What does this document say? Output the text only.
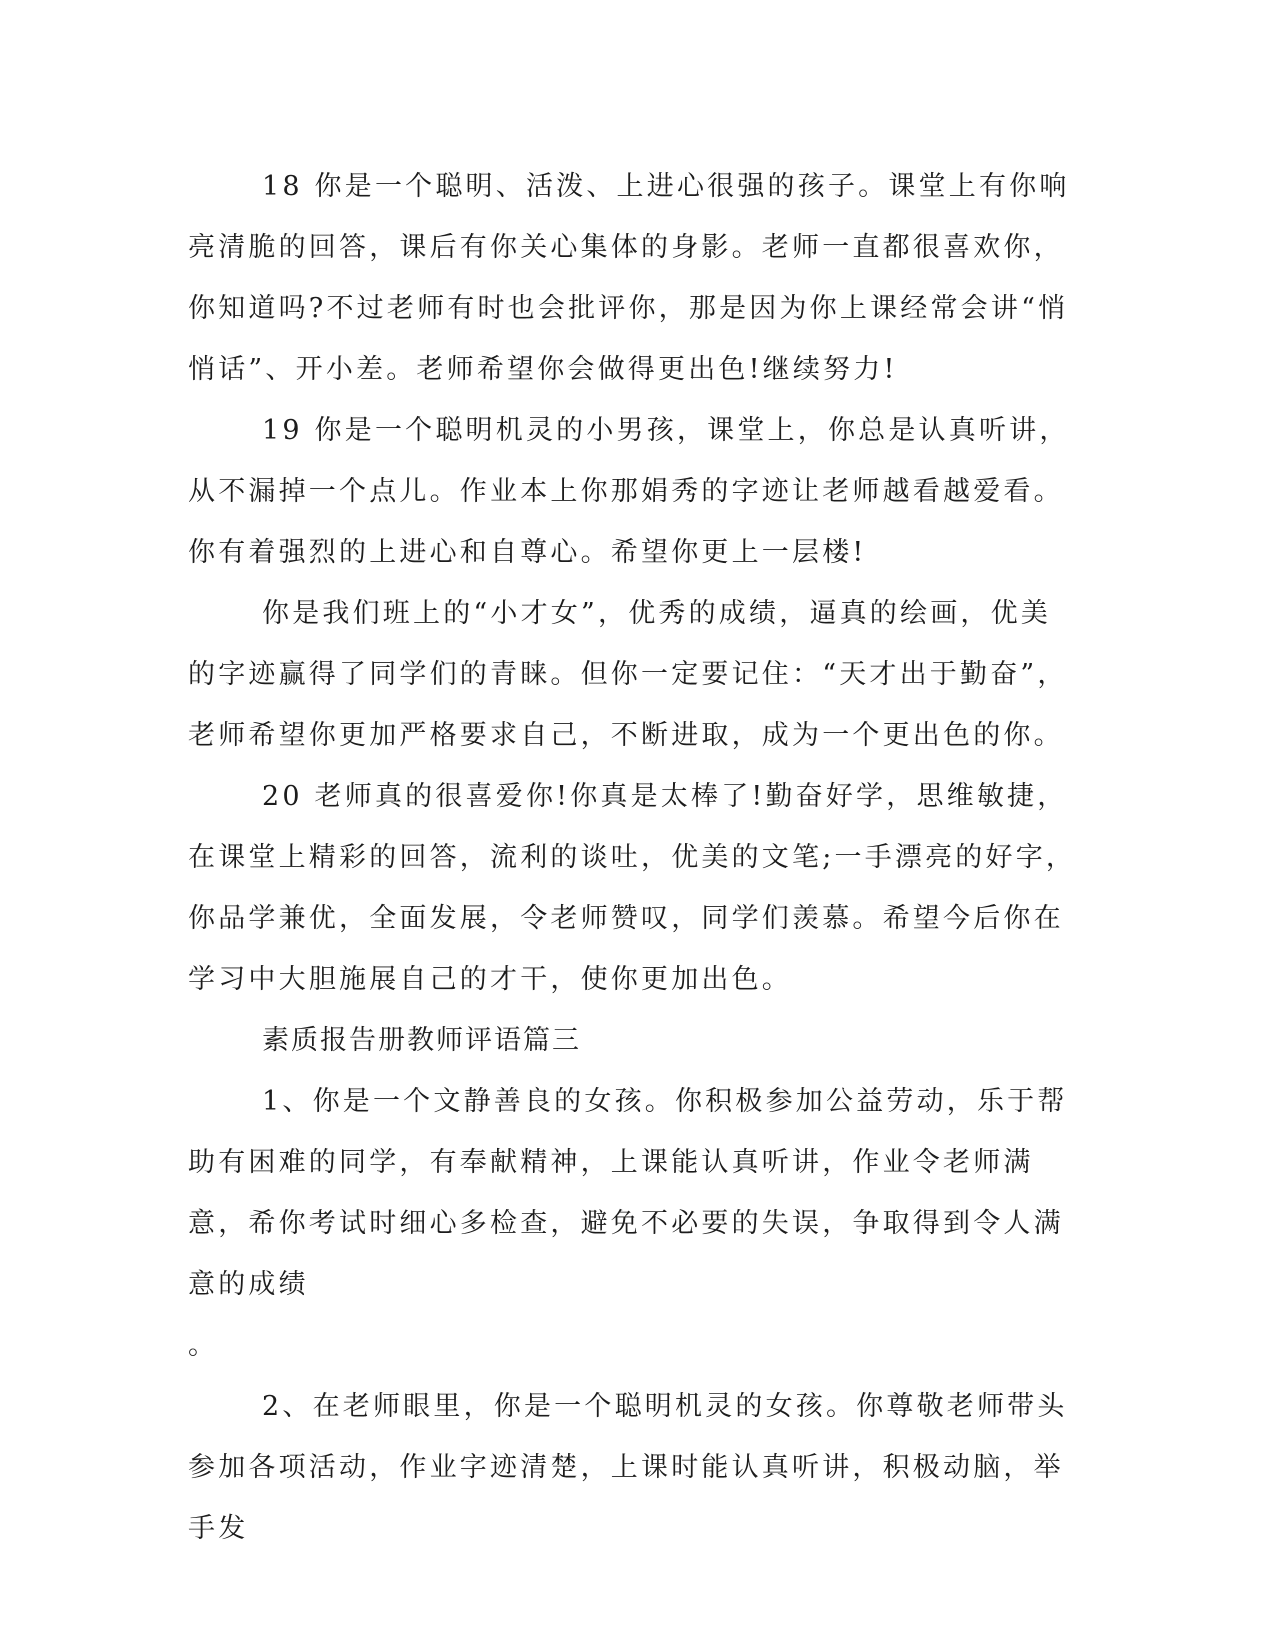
18 你是一个聪明、活泼、上进心很强的孩子。课堂上有你响亮清脆的回答，课后有你关心集体的身影。老师一直都很喜欢你，你知道吗?不过老师有时也会批评你，那是因为你上课经常会讲“悄悄话”、开小差。老师希望你会做得更出色!继续努力!

19 你是一个聪明机灵的小男孩，课堂上，你总是认真听讲，从不漏掉一个点儿。作业本上你那娟秀的字迹让老师越看越爱看。你有着强烈的上进心和自尊心。希望你更上一层楼!

你是我们班上的“小才女”，优秀的成绩，逼真的绘画，优美的字迹赢得了同学们的青睐。但你一定要记住：“天才出于勤奋”，老师希望你更加严格要求自己，不断进取，成为一个更出色的你。

20 老师真的很喜爱你!你真是太棒了!勤奋好学，思维敏捷，在课堂上精彩的回答，流利的谈吐，优美的文笔;一手漂亮的好字，你品学兼优，全面发展，令老师赞叹，同学们羡慕。希望今后你在学习中大胆施展自己的才干，使你更加出色。

素质报告册教师评语篇三

1、你是一个文静善良的女孩。你积极参加公益劳动，乐于帮助有困难的同学，有奉献精神，上课能认真听讲，作业令老师满意，希你考试时细心多检查，避免不必要的失误，争取得到令人满意的成绩
。

2、在老师眼里，你是一个聪明机灵的女孩。你尊敬老师带头参加各项活动，作业字迹清楚，上课时能认真听讲，积极动脑，举手发
